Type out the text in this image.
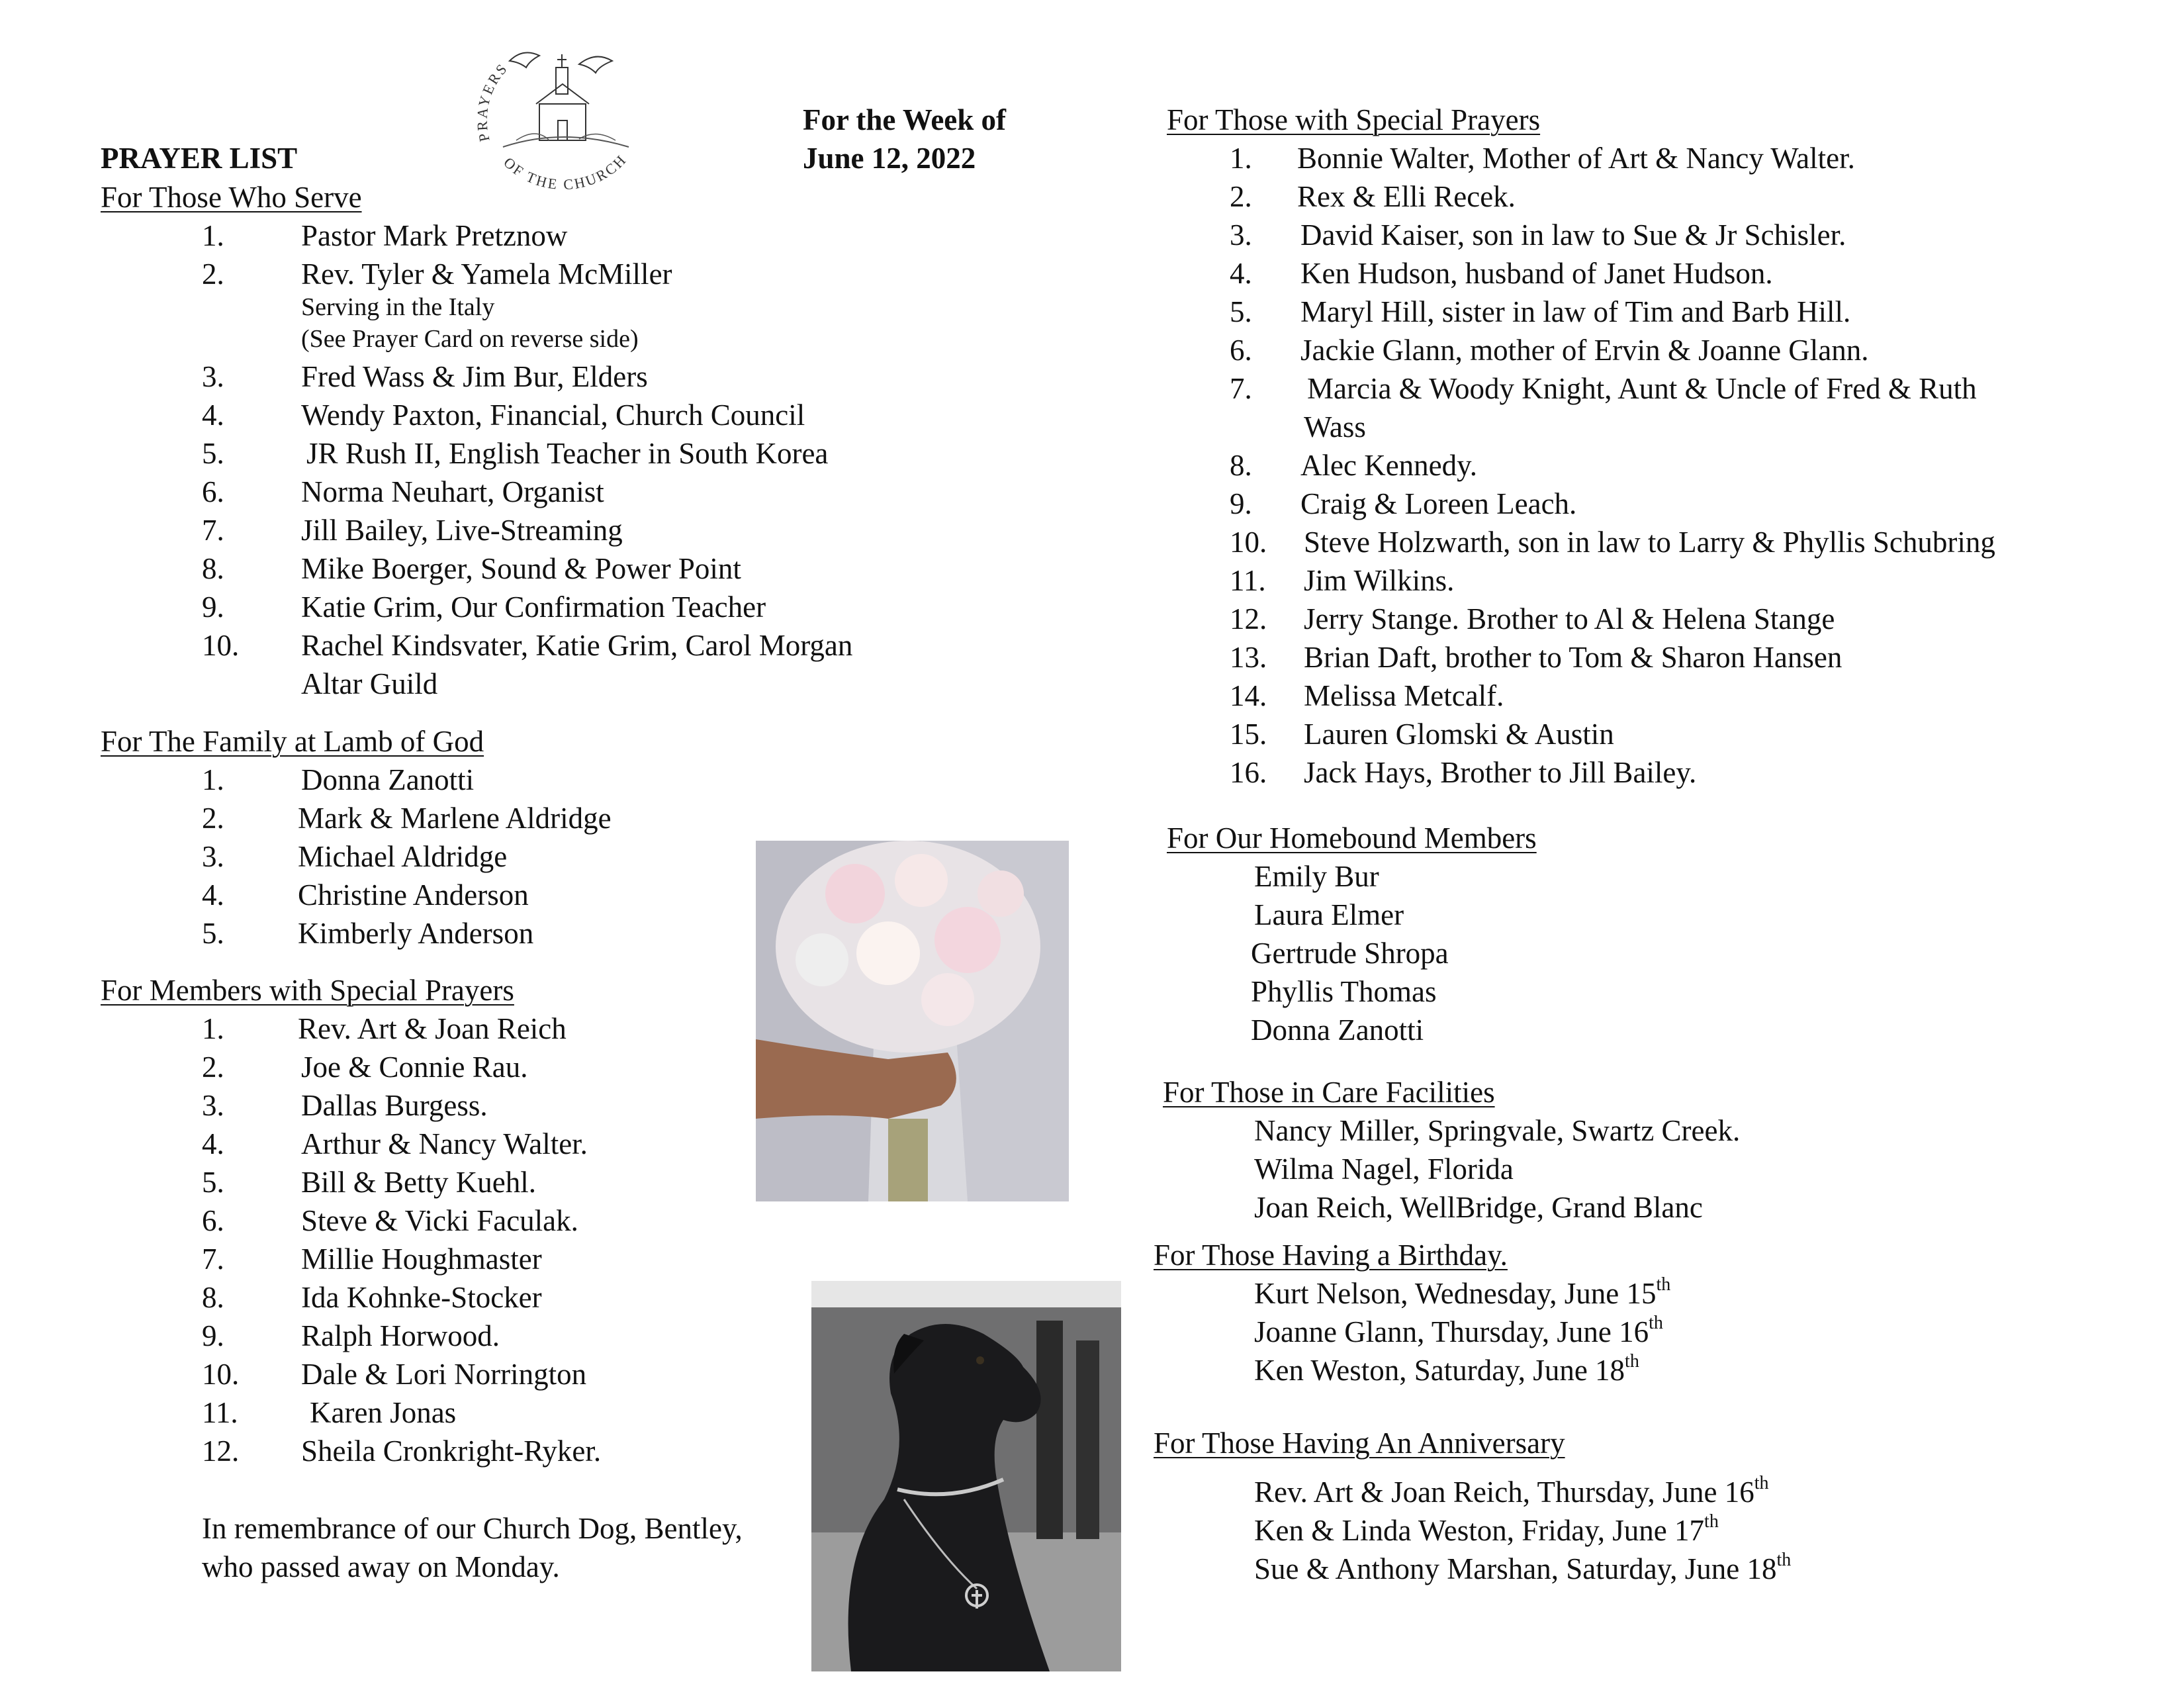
PRAYERS
OF THE CHURCH
PRAYER LIST
For the Week of
June 12, 2022
For Those Who Serve
1.	Pastor Mark Pretznow
2.	Rev. Tyler & Yamela McMiller
Serving in the Italy
(See Prayer Card on reverse side)
3.	Fred Wass & Jim Bur, Elders
4.	Wendy Paxton, Financial, Church Council
5.	JR Rush II, English Teacher in South Korea
6.	Norma Neuhart, Organist
7.	Jill Bailey, Live-Streaming
8.	Mike Boerger, Sound & Power Point
9.	Katie Grim, Our Confirmation Teacher
10. Rachel Kindsvater, Katie Grim, Carol Morgan
Altar Guild
For The Family at Lamb of God
1.	Donna Zanotti
2. Mark & Marlene Aldridge
3. Michael Aldridge
4. Christine Anderson
5. Kimberly Anderson
For Members with Special Prayers
1. Rev. Art & Joan Reich
2.	Joe & Connie Rau.
3.	Dallas Burgess.
4.	Arthur & Nancy Walter.
5.	Bill & Betty Kuehl.
6.	Steve & Vicki Faculak.
7.	Millie Houghmaster
8.	Ida Kohnke-Stocker
9.	Ralph Horwood.
10. Dale & Lori Norrington
11. Karen Jonas
12. Sheila Cronkright-Ryker.
In remembrance of our Church Dog, Bentley,
who passed away on Monday.
For Those with Special Prayers
1. Bonnie Walter, Mother of Art & Nancy Walter.
2. Rex & Elli Recek.
3. David Kaiser, son in law to Sue & Jr Schisler.
4. Ken Hudson, husband of Janet Hudson.
5. Maryl Hill, sister in law of Tim and Barb Hill.
6. Jackie Glann, mother of Ervin & Joanne Glann.
7. Marcia & Woody Knight, Aunt & Uncle of Fred & Ruth
Wass
8. Alec Kennedy.
9. Craig & Loreen Leach.
10. Steve Holzwarth, son in law to Larry & Phyllis Schubring
11. Jim Wilkins.
12. Jerry Stange. Brother to Al & Helena Stange
13. Brian Daft, brother to Tom & Sharon Hansen
14. Melissa Metcalf.
15. Lauren Glomski & Austin
16. Jack Hays, Brother to Jill Bailey.
For Our Homebound Members
Emily Bur
Laura Elmer
Gertrude Shropa
Phyllis Thomas
Donna Zanotti
For Those in Care Facilities
Nancy Miller, Springvale, Swartz Creek.
Wilma Nagel, Florida
Joan Reich, WellBridge, Grand Blanc
For Those Having a Birthday.
Kurt Nelson, Wednesday, June 15th
Joanne Glann, Thursday, June 16th
Ken Weston, Saturday, June 18th
For Those Having An Anniversary
Rev. Art & Joan Reich, Thursday, June 16th
Ken & Linda Weston, Friday, June 17th
Sue & Anthony Marshan, Saturday, June 18th
